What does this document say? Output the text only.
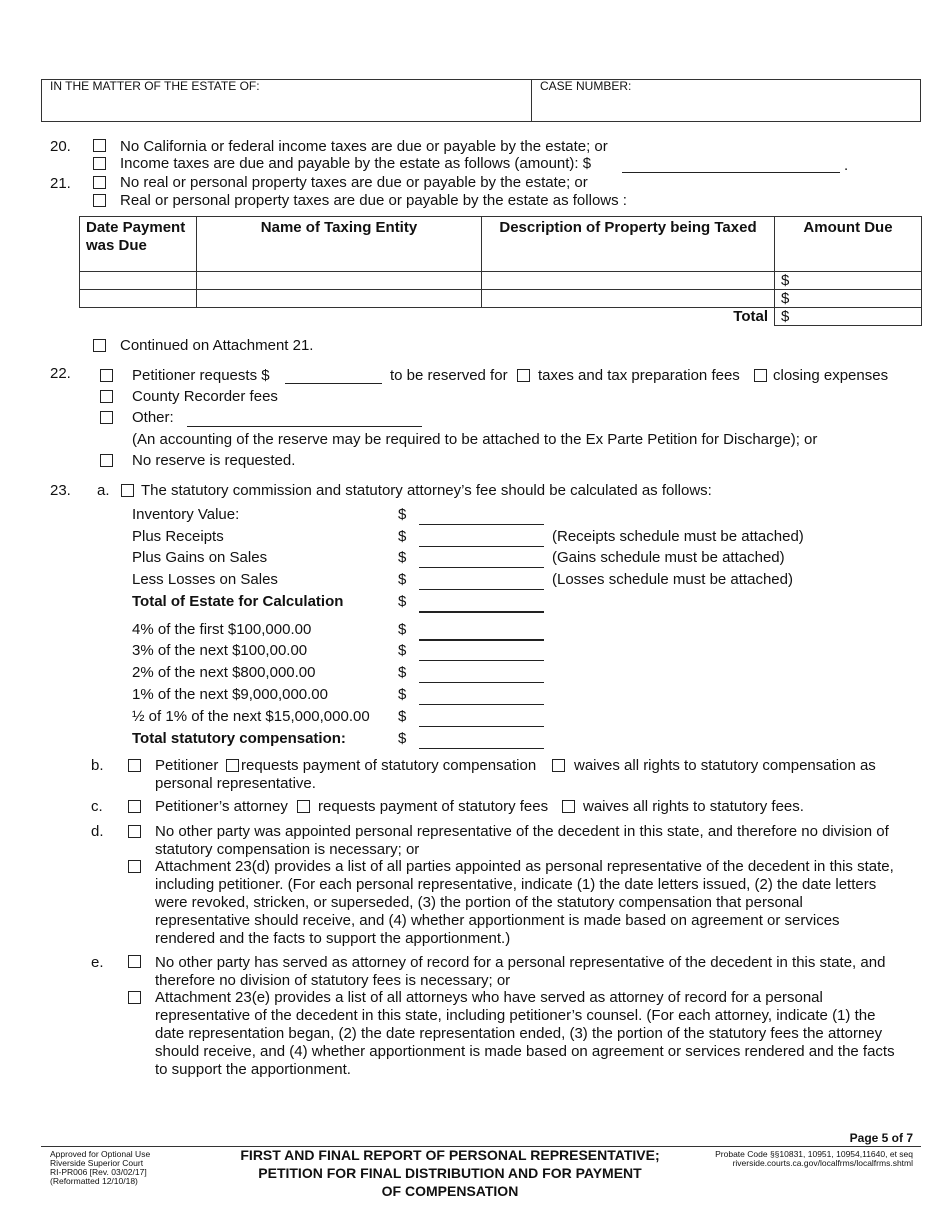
IN THE MATTER OF THE ESTATE OF:	CASE NUMBER:
20.	No California or federal income taxes are due or payable by the estate; or
Income taxes are due and payable by the estate as follows (amount): $	.
21.	No real or personal property taxes are due or payable by the estate; or
Real or personal property taxes are due or payable by the estate as follows :
Date Payment was Due	Name of Taxing Entity	Description of Property being Taxed	Amount Due
			$
			$
Total			$
Continued on Attachment 21.
22.	Petitioner requests $	to be reserved for taxes and tax preparation fees closing expenses
County Recorder fees
Other:
(An accounting of the reserve may be required to be attached to the Ex Parte Petition for Discharge); or
No reserve is requested.
23. a. The statutory commission and statutory attorney’s fee should be calculated as follows:
Inventory Value:	$
Plus Receipts	$	(Receipts schedule must be attached)
Plus Gains on Sales	$	(Gains schedule must be attached)
Less Losses on Sales	$	(Losses schedule must be attached)
Total of Estate for Calculation	$
4% of the first $100,000.00	$
3% of the next $100,00.00	$
2% of the next $800,000.00	$
1% of the next $9,000,000.00	$
½ of 1% of the next $15,000,000.00 $
Total statutory compensation:	$
b.	Petitioner requests payment of statutory compensation	waives all rights to statutory compensation as
personal representative.
c.	Petitioner’s attorney requests payment of statutory fees waives all rights to statutory fees.
d.	No other party was appointed personal representative of the decedent in this state, and therefore no division of statutory compensation is necessary; or
Attachment 23(d) provides a list of all parties appointed as personal representative of the decedent in this state, including petitioner. (For each personal representative, indicate (1) the date letters issued, (2) the date letters were revoked, stricken, or superseded, (3) the portion of the statutory compensation that personal representative should receive, and (4) whether apportionment is made based on agreement or services rendered and the facts to support the apportionment.)
e.	No other party has served as attorney of record for a personal representative of the decedent in this state, and therefore no division of statutory fees is necessary; or
Attachment 23(e) provides a list of all attorneys who have served as attorney of record for a personal representative of the decedent in this state, including petitioner’s counsel. (For each attorney, indicate (1) the date representation began, (2) the date representation ended, (3) the portion of the statutory fees the attorney should receive, and (4) whether apportionment is made based on agreement or services rendered and the facts to support the apportionment.
Page 5 of 7
Approved for Optional Use
Riverside Superior Court
RI-PR006 [Rev. 03/02/17]
(Reformatted 12/10/18)
FIRST AND FINAL REPORT OF PERSONAL REPRESENTATIVE;
PETITION FOR FINAL DISTRIBUTION AND FOR PAYMENT
OF COMPENSATION
Probate Code §§10831, 10951, 10954,11640, et seq
riverside.courts.ca.gov/localfrms/localfrms.shtml
